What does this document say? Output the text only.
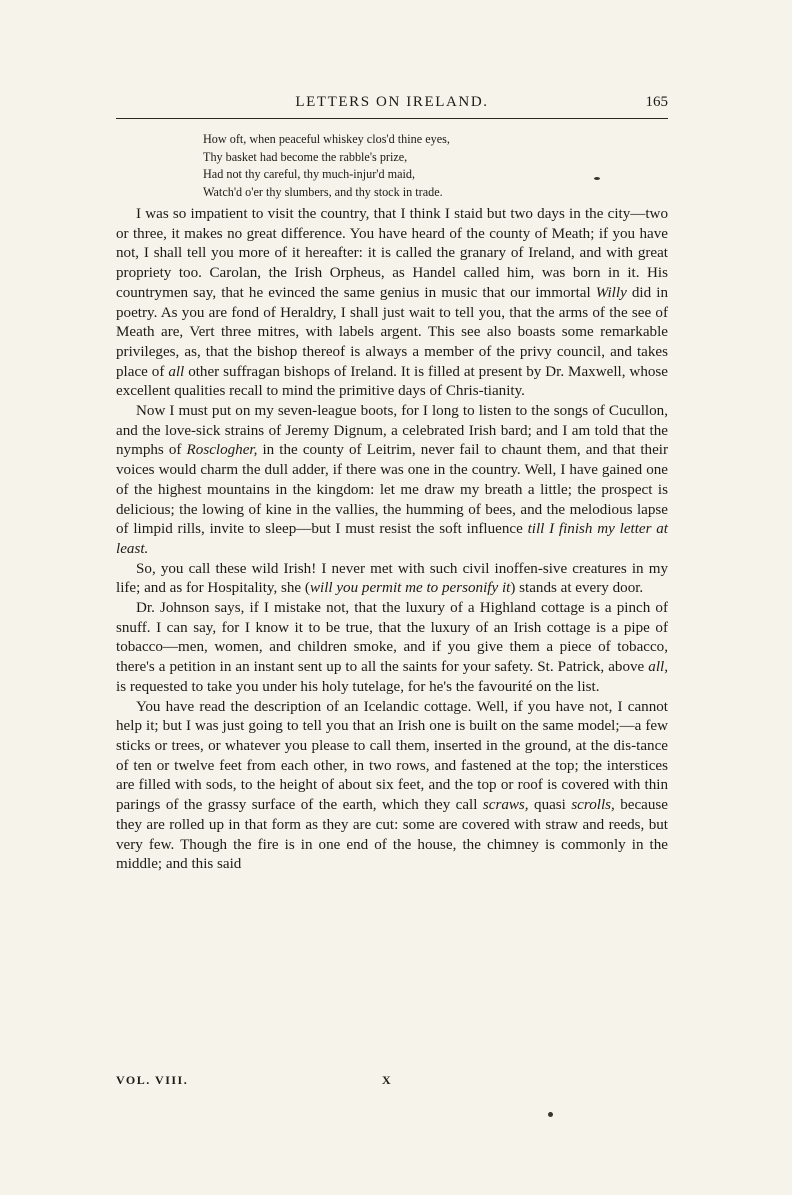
LETTERS ON IRELAND.	165
How oft, when peaceful whiskey clos'd thine eyes,
Thy basket had become the rabble's prize,
Had not thy careful, thy much-injur'd maid,
Watch'd o'er thy slumbers, and thy stock in trade.

I was so impatient to visit the country, that I think I staid but two days in the city—two or three, it makes no great difference. You have heard of the county of Meath; if you have not, I shall tell you more of it hereafter: it is called the granary of Ireland, and with great propriety too. Carolan, the Irish Orpheus, as Handel called him, was born in it. His countrymen say, that he evinced the same genius in music that our immortal Willy did in poetry. As you are fond of Heraldry, I shall just wait to tell you, that the arms of the see of Meath are, Vert three mitres, with labels argent. This see also boasts some remarkable privileges, as, that the bishop thereof is always a member of the privy council, and takes place of all other suffragan bishops of Ireland. It is filled at present by Dr. Maxwell, whose excellent qualities recall to mind the primitive days of Chris-tianity.

Now I must put on my seven-league boots, for I long to listen to the songs of Cucullon, and the love-sick strains of Jeremy Dignum, a celebrated Irish bard; and I am told that the nymphs of Rosclogher, in the county of Leitrim, never fail to chaunt them, and that their voices would charm the dull adder, if there was one in the country. Well, I have gained one of the highest mountains in the kingdom: let me draw my breath a little; the prospect is delicious; the lowing of kine in the vallies, the humming of bees, and the melodious lapse of limpid rills, invite to sleep—but I must resist the soft influence till I finish my letter at least.

So, you call these wild Irish! I never met with such civil inoffen-sive creatures in my life; and as for Hospitality, she (will you permit me to personify it) stands at every door.

Dr. Johnson says, if I mistake not, that the luxury of a Highland cottage is a pinch of snuff. I can say, for I know it to be true, that the luxury of an Irish cottage is a pipe of tobacco—men, women, and children smoke, and if you give them a piece of tobacco, there's a petition in an instant sent up to all the saints for your safety. St. Patrick, above all, is requested to take you under his holy tutelage, for he's the favourité on the list.

You have read the description of an Icelandic cottage. Well, if you have not, I cannot help it; but I was just going to tell you that an Irish one is built on the same model;—a few sticks or trees, or whatever you please to call them, inserted in the ground, at the dis-tance of ten or twelve feet from each other, in two rows, and fastened at the top; the interstices are filled with sods, to the height of about six feet, and the top or roof is covered with thin parings of the grassy surface of the earth, which they call scraws, quasi scrolls, because they are rolled up in that form as they are cut: some are covered with straw and reeds, but very few. Though the fire is in one end of the house, the chimney is commonly in the middle; and this said

VOL. VIII.	X
